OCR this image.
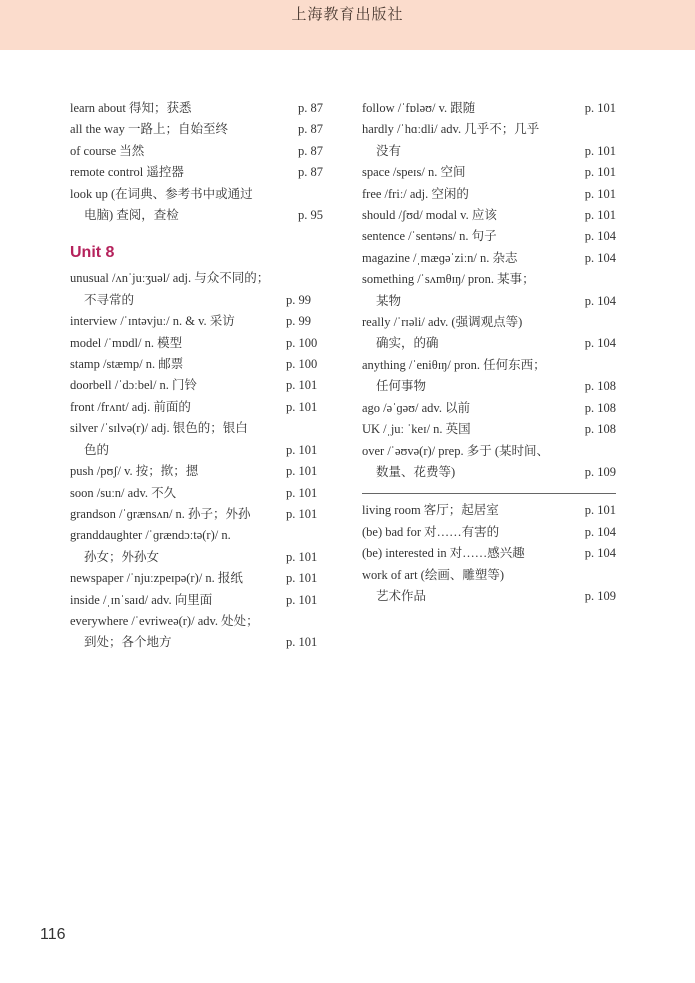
上海教育出版社
learn about 得知；获悉	p. 87
all the way 一路上；自始至终	p. 87
of course 当然	p. 87
remote control 遥控器	p. 87
look up (在词典、参考书中或通过
电脑) 查阅，查检	p. 95
Unit 8
unusual /ʌnˈjuːʒuəl/ adj. 与众不同的；
不寻常的	p. 99
interview /ˈɪntəvjuː/ n. & v. 采访	p. 99
model /ˈmɒdl/ n. 模型	p. 100
stamp /stæmp/ n. 邮票	p. 100
doorbell /ˈdɔːbel/ n. 门铃	p. 101
front /frʌnt/ adj. 前面的	p. 101
silver /ˈsɪlvə(r)/ adj. 银色的；银白
色的	p. 101
push /pʊʃ/ v. 按；揿；摁	p. 101
soon /suːn/ adv. 不久	p. 101
grandson /ˈɡrænsʌn/ n. 孙子；外孙	p. 101
granddaughter /ˈɡrændɔːtə(r)/ n.
孙女；外孙女	p. 101
newspaper /ˈnjuːzpeɪpə(r)/ n. 报纸	p. 101
inside /ˌɪnˈsaɪd/ adv. 向里面	p. 101
everywhere /ˈevriweə(r)/ adv. 处处；
到处；各个地方	p. 101
follow /ˈfɒləʊ/ v. 跟随	p. 101
hardly /ˈhɑːdli/ adv. 几乎不；几乎
没有	p. 101
space /speɪs/ n. 空间	p. 101
free /friː/ adj. 空闲的	p. 101
should /ʃʊd/ modal v. 应该	p. 101
sentence /ˈsentəns/ n. 句子	p. 104
magazine /ˌmæɡəˈziːn/ n. 杂志	p. 104
something /ˈsʌmθɪŋ/ pron. 某事；
某物	p. 104
really /ˈrɪəli/ adv. (强调观点等)
确实，的确	p. 104
anything /ˈeniθɪŋ/ pron. 任何东西；
任何事物	p. 108
ago /əˈɡəʊ/ adv. 以前	p. 108
UK /ˌjuː ˈkeɪ/ n. 英国	p. 108
over /ˈəʊvə(r)/ prep. 多于 (某时间、
数量、花费等)	p. 109
living room 客厅；起居室	p. 101
(be) bad for 对……有害的	p. 104
(be) interested in 对……感兴趣	p. 104
work of art (绘画、雕塑等)
艺术作品	p. 109
116
